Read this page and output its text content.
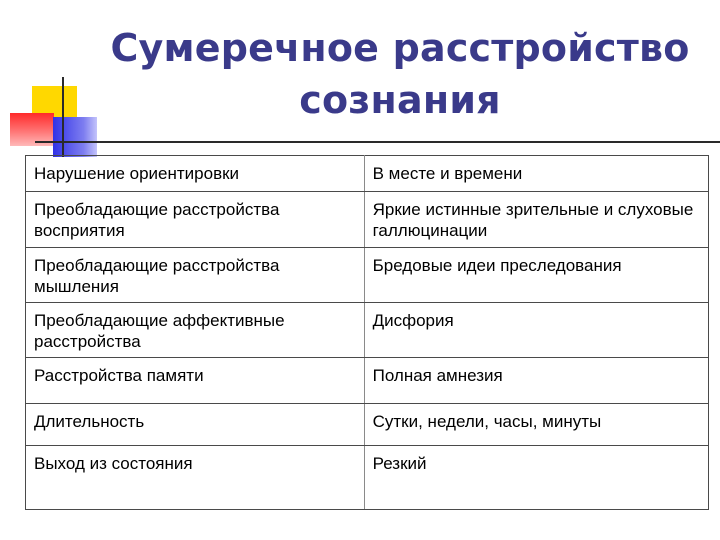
Сумеречное расстройство
сознания
Нарушение ориентировки	В месте и времени
Преобладающие расстройства восприятия	Яркие истинные зрительные и слуховые галлюцинации
Преобладающие расстройства мышления	Бредовые идеи преследования
Преобладающие аффективные расстройства	Дисфория
Расстройства памяти	Полная амнезия
Длительность	Сутки, недели, часы, минуты
Выход из состояния	Резкий
